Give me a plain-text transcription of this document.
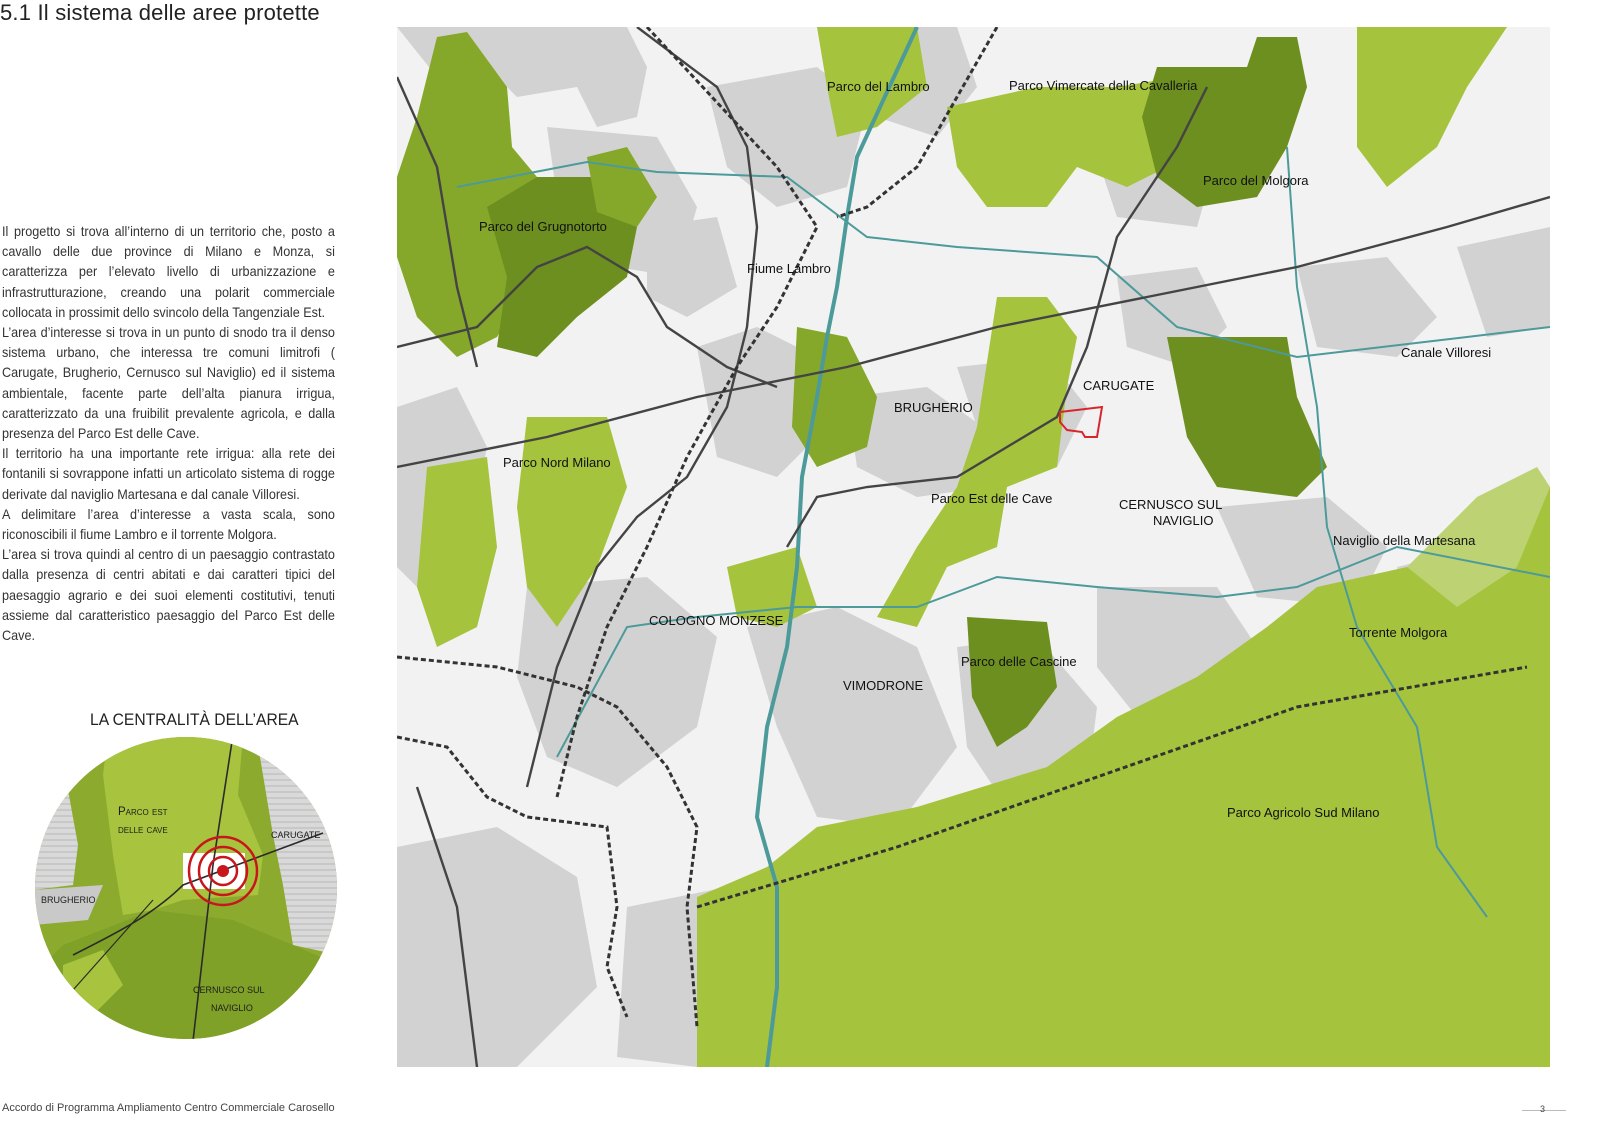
5.1 Il sistema delle aree protette

Il progetto si trova all’interno di un territorio che, posto a cavallo delle due province di Milano e Monza, si caratterizza per l’elevato livello di urbanizzazione e infrastrutturazione, creando una polarit commerciale collocata in prossimit dello svincolo della Tangenziale Est.

L’area d’interesse si trova in un punto di snodo tra il denso sistema urbano, che interessa tre comuni limitrofi ( Carugate, Brugherio, Cernusco sul Naviglio) ed il sistema ambientale, facente parte dell’alta pianura irrigua, caratterizzato da una fruibilit prevalente agricola, e dalla presenza del Parco Est delle Cave.

Il territorio ha una importante rete irrigua: alla rete dei fontanili si sovrappone infatti un articolato sistema di rogge derivate dal naviglio Martesana e dal canale Villoresi.

A delimitare l’area d’interesse a vasta scala, sono riconoscibili il fiume Lambro e il torrente Molgora.

L’area si trova quindi al centro di un paesaggio contrastato dalla presenza di centri abitati e dai caratteri tipici del paesaggio agrario e dei suoi elementi costitutivi, tenuti assieme dal caratteristico paesaggio del Parco Est delle Cave.

LA CENTRALITÀ DELL’AREA
Parco est
delle cave	CARUGATE
BRUGHERIO
CERNUSCO SUL
NAVIGLIO
Parco del Lambro	Parco Vimercate della Cavalleria
Parco del Molgora
Parco del Grugnotorto
Fiume Lambro
Canale Villoresi
CARUGATE
BRUGHERIO
Parco Nord Milano
Parco Est delle Cave	CERNUSCO SUL
NAVIGLIO
Naviglio della Martesana
COLOGNO MONZESE
Torrente Molgora
Parco delle Cascine
VIMODRONE
Parco Agricolo Sud Milano
Accordo di Programma Ampliamento Centro Commerciale Carosello	3
